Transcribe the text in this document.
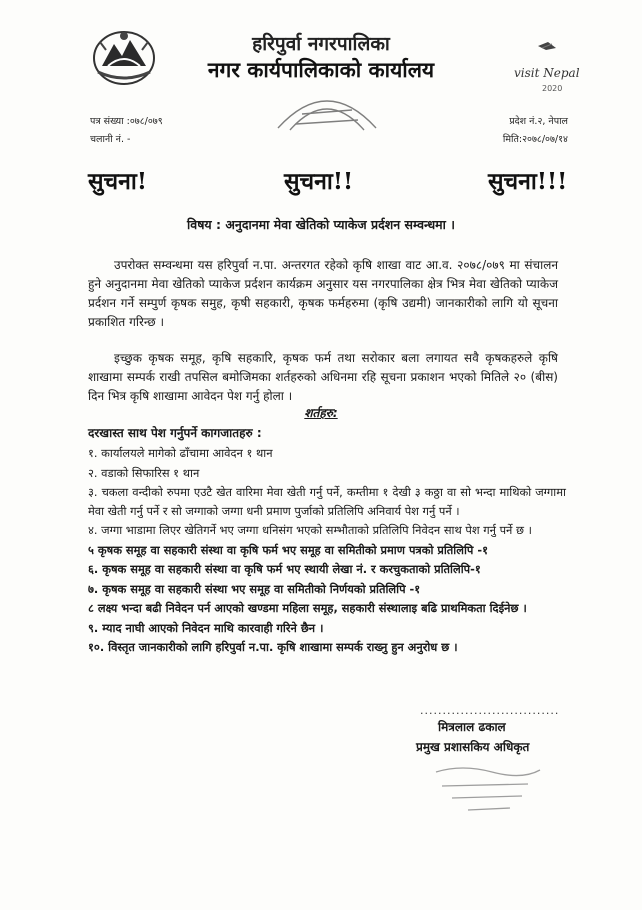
हरिपुर्वा नगरपालिका
नगर कार्यपालिकाको कार्यालय	visit Nepal
2020
पत्र संख्या :०७८/०७९
चलानी नं. -
प्रदेश नं.२, नेपाल
मिति:२०७८/०७/१४
सुचना!	सुचना!!	सुचना!!!
विषय : अनुदानमा मेवा खेतिको प्याकेज प्रर्दशन सम्वन्धमा ।
उपरोक्त सम्वन्धमा यस हरिपुर्वा न.पा. अन्तरगत रहेको कृषि शाखा वाट आ.व. २०७८/०७९ मा संचालन हुने अनुदानमा मेवा खेतिको प्याकेज प्रर्दशन कार्यक्रम अनुसार यस नगरपालिका क्षेत्र भित्र मेवा खेतिको प्याकेज प्रर्दशन गर्ने सम्पुर्ण कृषक समुह, कृषी सहकारी, कृषक फर्महरुमा (कृषि उद्यमी) जानकारीको लागि यो सूचना प्रकाशित गरिन्छ ।
इच्छुक कृषक समूह, कृषि सहकारि, कृषक फर्म तथा सरोकार बला लगायत सवै कृषकहरुले कृषि शाखामा सम्पर्क राखी तपसिल बमोजिमका शर्तहरुको अधिनमा रहि सूचना प्रकाशन भएको मितिले २० (बीस) दिन भित्र कृषि शाखामा आवेदन पेश गर्नु होला ।
शर्तहरु:
दरखास्त साथ पेश गर्नुपर्ने कागजातहरु :
१. कार्यालयले मागेको ढाँचामा आवेदन १ थान
२. वडाको सिफारिस १ थान
३. चकला वन्दीको रुपमा एउटै खेत वारिमा मेवा खेती गर्नु पर्ने, कम्तीमा १ देखी ३ कठ्ठा वा सो भन्दा माथिको जग्गामा मेवा खेती गर्नु पर्ने र सो जग्गाको जग्गा धनी प्रमाण पुर्जाको प्रतिलिपि अनिवार्य पेश गर्नु पर्ने ।
४. जग्गा भाडामा लिएर खेतिगर्ने भए जग्गा धनिसंग भएको सम्भौताको प्रतिलिपि निवेदन साथ पेश गर्नु पर्ने छ ।
५ कृषक समूह वा सहकारी संस्था वा कृषि फर्म भए समूह वा समितीको प्रमाण पत्रको प्रतिलिपि -१
६. कृषक समूह वा सहकारी संस्था वा कृषि फर्म भए स्थायी लेखा नं. र करचुकताको प्रतिलिपि-१
७. कृषक समूह वा सहकारी संस्था भए समूह वा समितीको निर्णयको प्रतिलिपि -१
८ लक्ष्य भन्दा बढी निवेदन पर्न आएको खण्डमा महिला समूह, सहकारी संस्थालाइ बढि प्राथमिकता दिईनेछ ।
९. म्याद नाघी आएको निवेदन माथि कारवाही गरिने छैन ।
१०. विस्तृत जानकारीको लागि हरिपुर्वा न.पा. कृषि शाखामा सम्पर्क राख्नु हुन अनुरोध छ ।
...............................
मित्रलाल ढकाल
प्रमुख प्रशासकिय अधिकृत
